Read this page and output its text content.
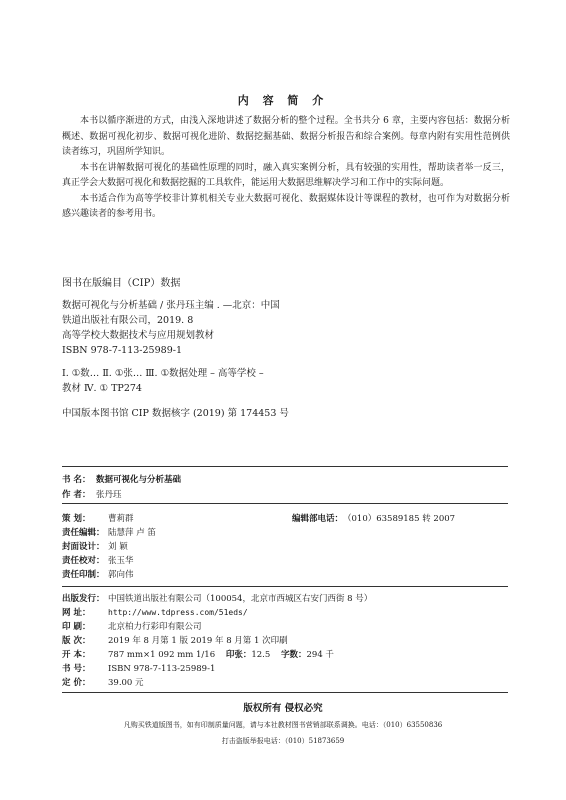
内 容 简 介

本书以循序渐进的方式，由浅入深地讲述了数据分析的整个过程。全书共分 6 章，主要内容包括：数据分析概述、数据可视化初步、数据可视化进阶、数据挖掘基础、数据分析报告和综合案例。每章内附有实用性范例供读者练习，巩固所学知识。

本书在讲解数据可视化的基础性原理的同时，融入真实案例分析，具有较强的实用性，帮助读者举一反三，真正学会大数据可视化和数据挖掘的工具软件，能运用大数据思维解决学习和工作中的实际问题。

本书适合作为高等学校非计算机相关专业大数据可视化、数据媒体设计等课程的教材，也可作为对数据分析感兴趣读者的参考用书。

图书在版编目（CIP）数据
数据可视化与分析基础 / 张丹珏主编 . —北京：中国
铁道出版社有限公司，2019. 8
高等学校大数据技术与应用规划教材
ISBN 978-7-113-25989-1
Ⅰ. ①数… Ⅱ. ①张… Ⅲ. ①数据处理 – 高等学校 –
教材 Ⅳ. ① TP274
中国版本图书馆 CIP 数据核字 (2019) 第 174453 号
书 名： 数据可视化与分析基础
作 者： 张丹珏
策 划： 曹莉群	编辑部电话：（010）63589185 转 2007
责任编辑： 陆慧萍 卢 笛
封面设计： 刘 颖
责任校对： 张玉华
责任印制： 郭向伟
出版发行： 中国铁道出版社有限公司（100054，北京市西城区右安门西街 8 号）
网 址： http://www.tdpress.com/51eds/
印 刷： 北京柏力行彩印有限公司
版 次： 2019 年 8 月第 1 版 2019 年 8 月第 1 次印刷
开 本： 787 mm×1 092 mm 1/16 印张：12.5 字数：294 千
书 号： ISBN 978-7-113-25989-1
定 价： 39.00 元
版权所有 侵权必究
凡购买铁道版图书，如有印制质量问题，请与本社教材图书营销部联系调换。电话：（010）63550836
打击盗版举报电话：（010）51873659
